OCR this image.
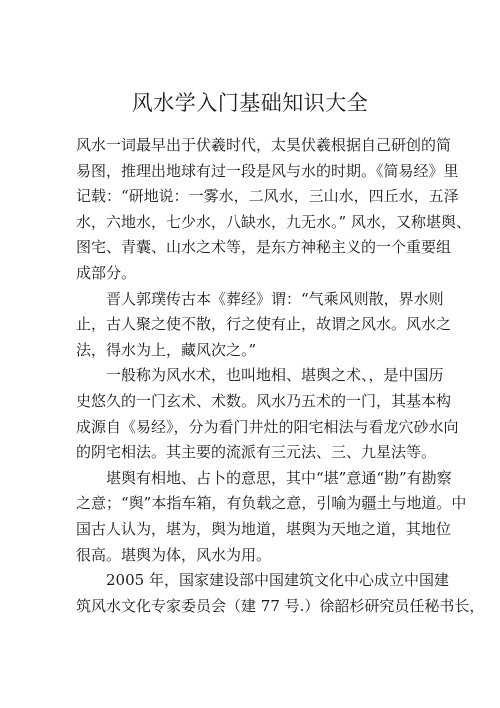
风水学入门基础知识大全
风水一词最早出于伏羲时代，太昊伏羲根据自己研创的简
易图，推理出地球有过一段是风与水的时期。《简易经》里
记载：“研地说：一雾水，二风水，三山水，四丘水，五泽
水，六地水，七少水，八缺水，九无水。” 风水，又称堪舆、
图宅、青囊、山水之术等，是东方神秘主义的一个重要组
成部分。
晋人郭璞传古本《葬经》谓：“气乘风则散，界水则
止，古人聚之使不散，行之使有止，故谓之风水。风水之
法，得水为上，藏风次之。”
一般称为风水术，也叫地相、堪舆之术、，是中国历
史悠久的一门玄术、术数。风水乃五术的一门，其基本构
成源自《易经》，分为看门井灶的阳宅相法与看龙穴砂水向
的阴宅相法。其主要的流派有三元法、三、九星法等。
堪舆有相地、占卜的意思，其中“堪”意通“勘”有勘察
之意；“舆”本指车箱，有负载之意，引喻为疆土与地道。中
国古人认为，堪为，舆为地道，堪舆为天地之道，其地位
很高。堪舆为体，风水为用。
2005 年，国家建设部中国建筑文化中心成立中国建
筑风水文化专家委员会（建 77 号.）徐韶杉研究员任秘书长，
